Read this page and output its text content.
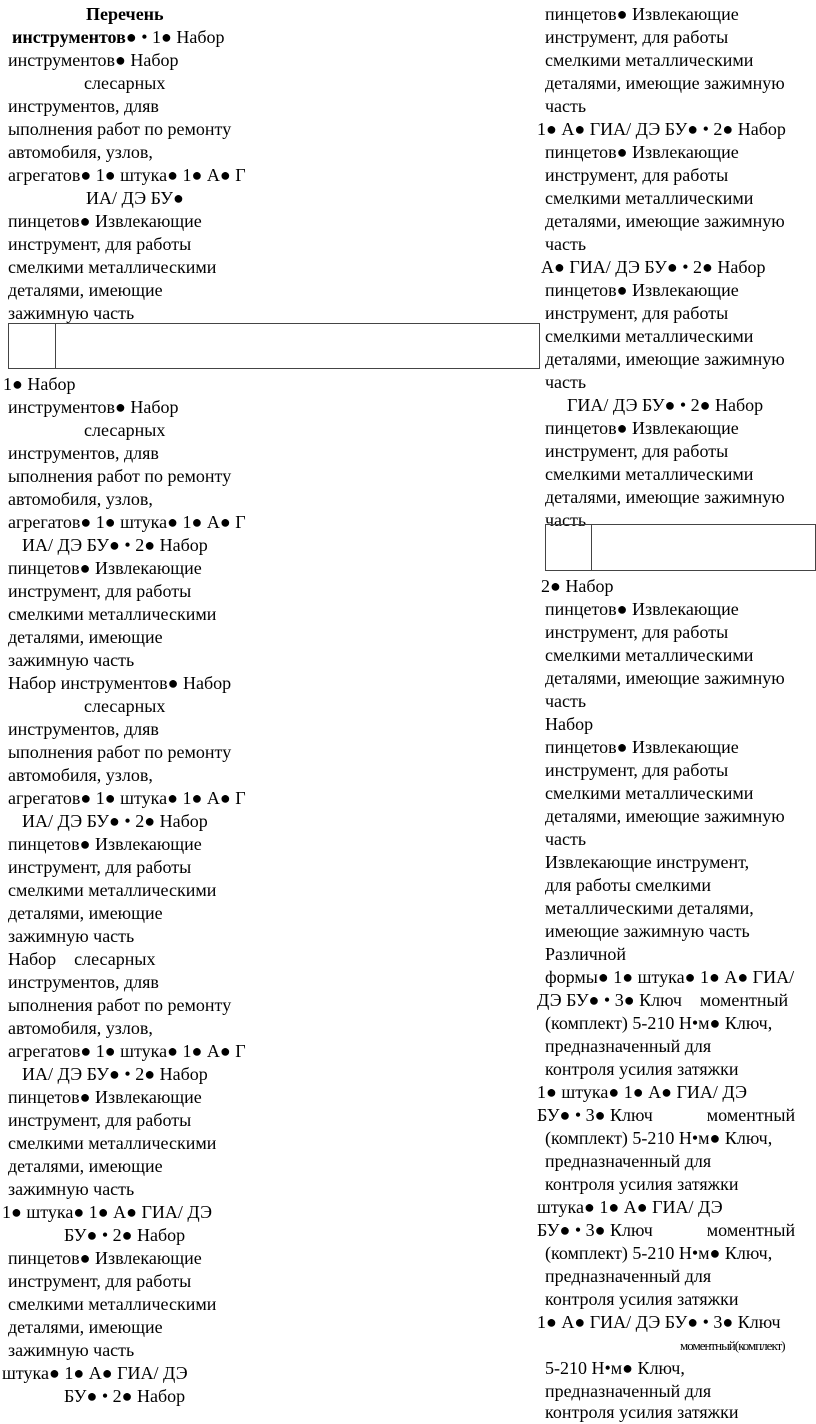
Перечень
инструментов● • 1● Набор
инструментов● Набор
слесарных
инструментов, дляв
ыполнения работ по ремонту
автомобиля, узлов,
агрегатов● 1● штука● 1● А● Г
ИА/ ДЭ БУ●
пинцетов● Извлекающие
инструмент, для работы
смелкими металлическими
деталями, имеющие
зажимную часть
1● Набор
инструментов● Набор
слесарных
инструментов, дляв
ыполнения работ по ремонту
автомобиля, узлов,
агрегатов● 1● штука● 1● А● Г
ИА/ ДЭ БУ● • 2● Набор
пинцетов● Извлекающие
инструмент, для работы
смелкими металлическими
деталями, имеющие
зажимную часть
Набор инструментов● Набор
слесарных
инструментов, дляв
ыполнения работ по ремонту
автомобиля, узлов,
агрегатов● 1● штука● 1● А● Г
ИА/ ДЭ БУ● • 2● Набор
пинцетов● Извлекающие
инструмент, для работы
смелкими металлическими
деталями, имеющие
зажимную часть
Набор    слесарных
инструментов, дляв
ыполнения работ по ремонту
автомобиля, узлов,
агрегатов● 1● штука● 1● А● Г
ИА/ ДЭ БУ● • 2● Набор
пинцетов● Извлекающие
инструмент, для работы
смелкими металлическими
деталями, имеющие
зажимную часть
1● штука● 1● А● ГИА/ ДЭ
БУ● • 2● Набор
пинцетов● Извлекающие
инструмент, для работы
смелкими металлическими
деталями, имеющие
зажимную часть
штука● 1● А● ГИА/ ДЭ
БУ● • 2● Набор
пинцетов● Извлекающие
инструмент, для работы
смелкими металлическими
деталями, имеющие зажимную
часть
1● А● ГИА/ ДЭ БУ● • 2● Набор
пинцетов● Извлекающие
инструмент, для работы
смелкими металлическими
деталями, имеющие зажимную
часть
А● ГИА/ ДЭ БУ● • 2● Набор
пинцетов● Извлекающие
инструмент, для работы
смелкими металлическими
деталями, имеющие зажимную
часть
ГИА/ ДЭ БУ● • 2● Набор
пинцетов● Извлекающие
инструмент, для работы
смелкими металлическими
деталями, имеющие зажимную
часть
2● Набор
пинцетов● Извлекающие
инструмент, для работы
смелкими металлическими
деталями, имеющие зажимную
часть
Набор
пинцетов● Извлекающие
инструмент, для работы
смелкими металлическими
деталями, имеющие зажимную
часть
Извлекающие инструмент,
для работы смелкими
металлическими деталями,
имеющие зажимную часть
Различной
формы● 1● штука● 1● А● ГИА/
ДЭ БУ● • 3● Ключ    моментный
(комплект) 5-210 Н•м● Ключ,
предназначенный для
контроля усилия затяжки
1● штука● 1● А● ГИА/ ДЭ
БУ● • 3● Ключ            моментный
(комплект) 5-210 Н•м● Ключ,
предназначенный для
контроля усилия затяжки
штука● 1● А● ГИА/ ДЭ
БУ● • 3● Ключ            моментный
(комплект) 5-210 Н•м● Ключ,
предназначенный для
контроля усилия затяжки
1● А● ГИА/ ДЭ БУ● • 3● Ключ
моментный(комплект)
5-210 Н•м● Ключ,
предназначенный для
контроля усилия затяжки
